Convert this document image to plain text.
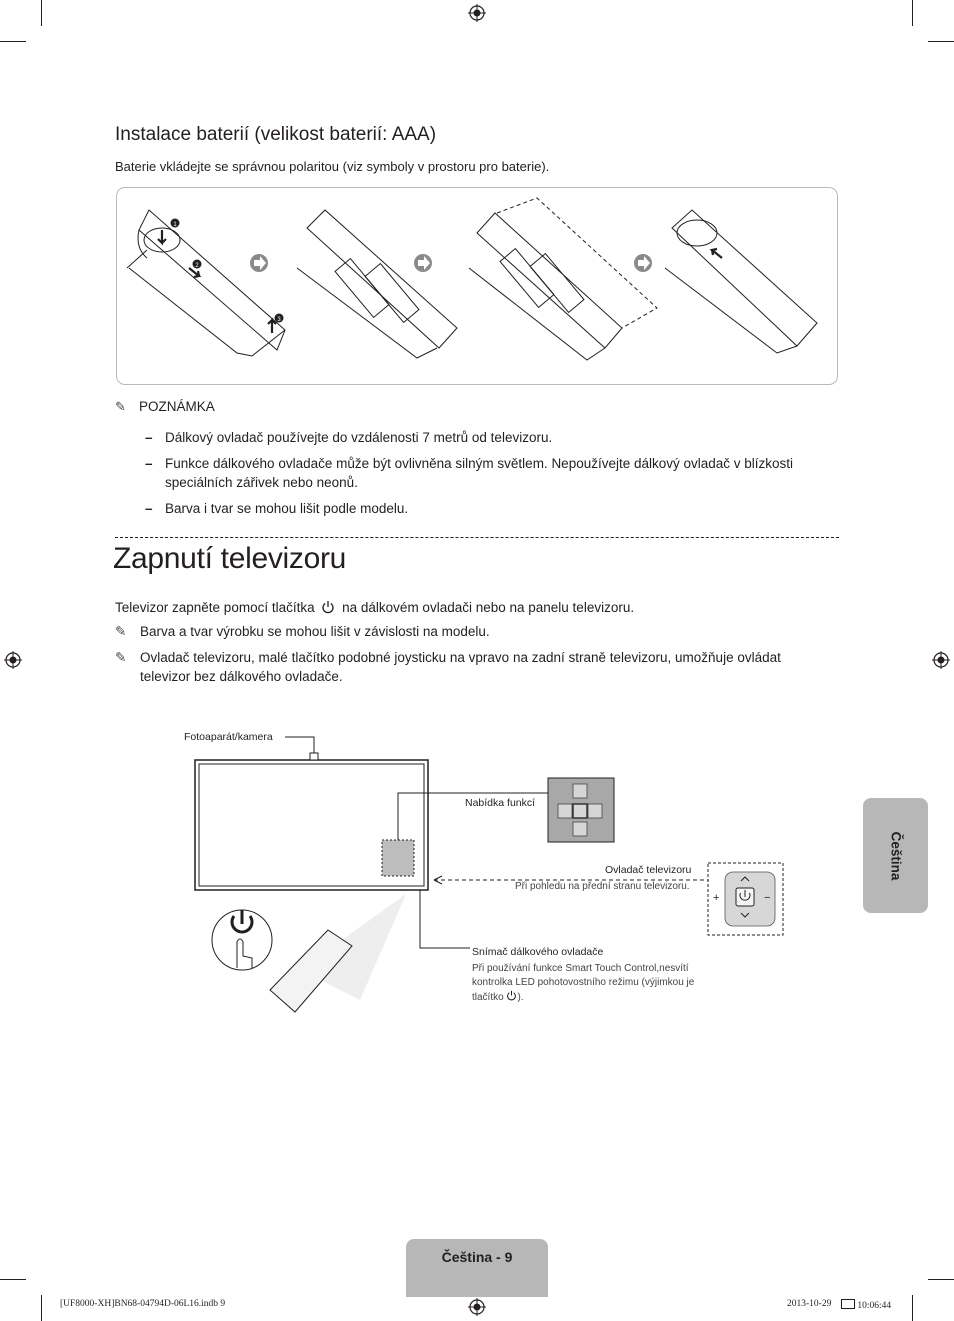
Instalace baterií (velikost baterií: AAA)
Baterie vkládejte se správnou polaritou (viz symboly v prostoru pro baterie).
1
2
3
✎ POZNÁMKA
– Dálkový ovladač používejte do vzdálenosti 7 metrů od televizoru.
– Funkce dálkového ovladače může být ovlivněna silným světlem. Nepoužívejte dálkový ovladač v blízkosti speciálních zářivek nebo neonů.
– Barva i tvar se mohou lišit podle modelu.
Zapnutí televizoru
Televizor zapněte pomocí tlačítka na dálkovém ovladači nebo na panelu televizoru.
✎ Barva a tvar výrobku se mohou lišit v závislosti na modelu.
✎ Ovladač televizoru, malé tlačítko podobné joysticku na vpravo na zadní straně televizoru, umožňuje ovládat televizor bez dálkového ovladače.
Fotoaparát/kamera
Nabídka funkcí
Ovladač televizoru
Při pohledu na přední stranu televizoru.
+	−
Snímač dálkového ovladače
Při používání funkce Smart Touch Control,nesvítí
kontrolka LED pohotovostního režimu (výjimkou je
tlačítko ).
Čeština
Čeština - 9
[UF8000-XH]BN68-04794D-06L16.indb 9	2013-10-29	10:06:44
